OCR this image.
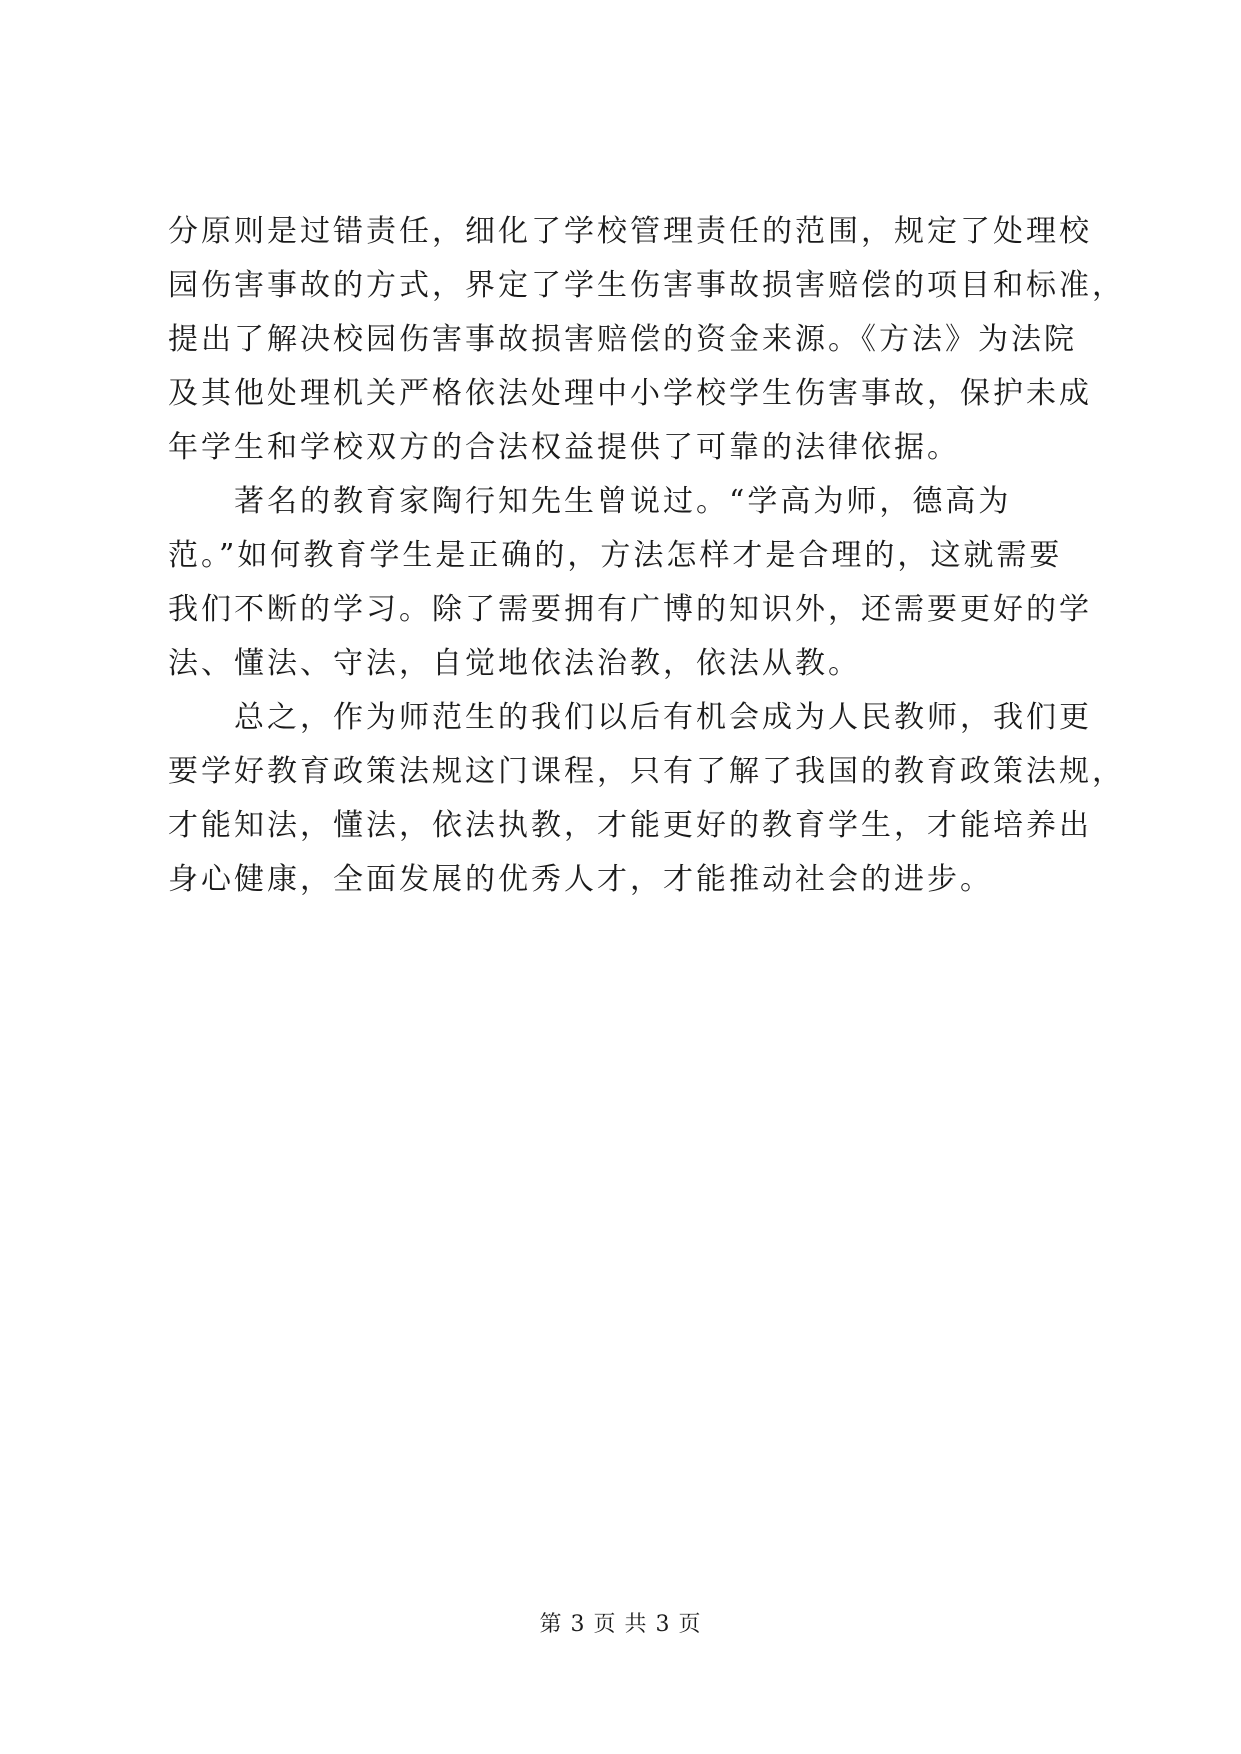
分原则是过错责任，细化了学校管理责任的范围，规定了处理校
园伤害事故的方式，界定了学生伤害事故损害赔偿的项目和标准，
提出了解决校园伤害事故损害赔偿的资金来源。《方法》为法院
及其他处理机关严格依法处理中小学校学生伤害事故，保护未成
年学生和学校双方的合法权益提供了可靠的法律依据。
　　著名的教育家陶行知先生曾说过。“学高为师，德高为
范。”如何教育学生是正确的，方法怎样才是合理的，这就需要
我们不断的学习。除了需要拥有广博的知识外，还需要更好的学
法、懂法、守法，自觉地依法治教，依法从教。
　　总之，作为师范生的我们以后有机会成为人民教师，我们更
要学好教育政策法规这门课程，只有了解了我国的教育政策法规，
才能知法，懂法，依法执教，才能更好的教育学生，才能培养出
身心健康，全面发展的优秀人才，才能推动社会的进步。
第 3 页 共 3 页
